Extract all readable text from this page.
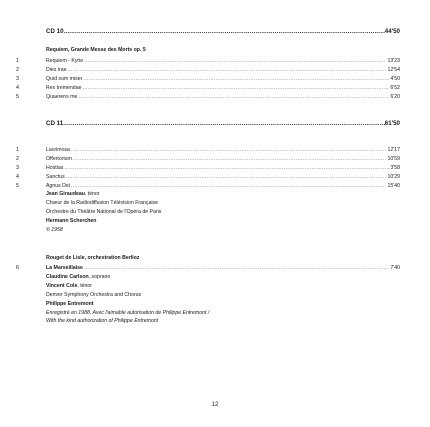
CD 10 .....	44'50
Requiem, Grande Messe des Morts op. 5
1	Requiem - Kyrie .....	13'23
2	Dies irae .....	12'54
3	Quid sum miser .....	4'50
4	Rex tremendae .....	6'52
5	Quaerens me .....	6'20
CD 11 .....	61'50
1	Lacrimosa .....	12'17
2	Offertorium .....	10'59
3	Hostias .....	3'58
4	Sanctus .....	10'29
5	Agnus Dei .....	15'40
Jean Giraudeau, ténor
Chœur de la Radiodiffusion Télévision Française
Orchestre du Théâtre National de l'Opéra de Paris
Hermann Scherchen
℗ 1958
Rouget de Lisle, orchestration Berlioz
6	La Marseillaise .....	7'40
Claudine Carlson, soprano
Vincent Cole, ténor
Denver Symphony Orchestra and Chorus
Philippe Entremont
Enregistré en 1988. Avec l'aimable autorisation de Philippe Entremont /
With the kind authorization of Philippe Entremont
12
